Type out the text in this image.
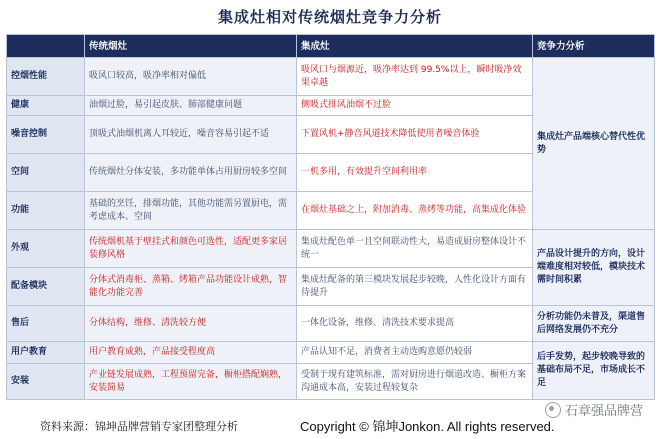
集成灶相对传统烟灶竞争力分析
	传统烟灶	集成灶	竞争力分析
控烟性能	吸风口较高，吸净率相对偏低	吸风口与烟源近，吸净率达到 99.5%以上，瞬时吸净效果卓越	集成灶产品端核心替代性优势
健康	油烟过脸，易引起皮肤、肺部健康问题	侧吸式排风油烟不过脸	
噪音控制	顶吸式油烟机离人耳较近，噪音容易引起不适	下置风机+静音风道技术降低使用者噪音体验	
空间	传统烟灶分体安装，多功能单体占用厨房较多空间	一机多用，有效提升空间利用率	
功能	基础的烹饪，排烟功能，其他功能需另置厨电，需考虑成本、空间	在烟灶基础之上，附加消毒、蒸烤等功能，高集成化体验	
外观	传统烟机基于壁挂式和颜色可选性，适配更多家居装修风格	集成灶配色单一且空间联动性大，易造成厨房整体设计不统一	产品设计提升的方向，设计端难度相对较低，模块技术需时间积累
配备模块	分体式消毒柜、蒸箱、烤箱产品功能设计成熟，智能化功能完善	集成灶配备的第三模块发展起步较晚，人性化设计方面有待提升	
售后	分体结构，维修、清洗较方便	一体化设备，维修、清洗技术要求提高	分析功能仍未普及，渠道售后网络发展仍不充分
用户教育	用户教育成熟，产品接受程度高	产品认知不足，消费者主动选购意愿仍较弱	后手发势，起步较晚导致的基础布局不足，市场成长不足
安装	产业链发展成熟，工程预留完备，橱柜搭配娴熟，安装简易	受制于现有建筑标准，需对厨房进行烟道改造、橱柜方案沟通成本高，安装过程较复杂	
石章强品牌营
资料来源：锦坤品牌营销专家团整理分析	Copyright © 锦坤Jonkon. All rights reserved.
